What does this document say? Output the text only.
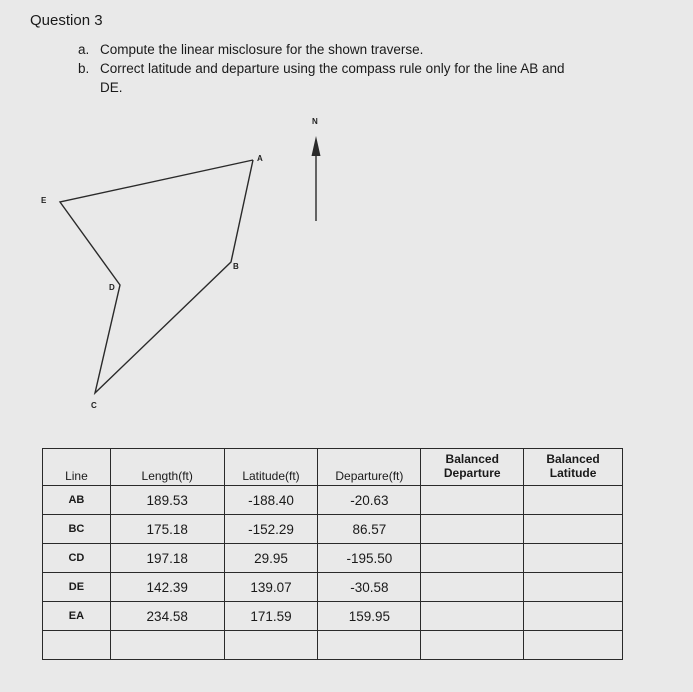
Question 3
a. Compute the linear misclosure for the shown traverse.
b. Correct latitude and departure using the compass rule only for the line AB and
DE.
A
B
C
D
E
N
Line	Length(ft)	Latitude(ft)	Departure(ft)	Balanced Departure	Balanced Latitude
AB	189.53	-188.40	-20.63		
BC	175.18	-152.29	86.57		
CD	197.18	29.95	-195.50		
DE	142.39	139.07	-30.58		
EA	234.58	171.59	159.95		
